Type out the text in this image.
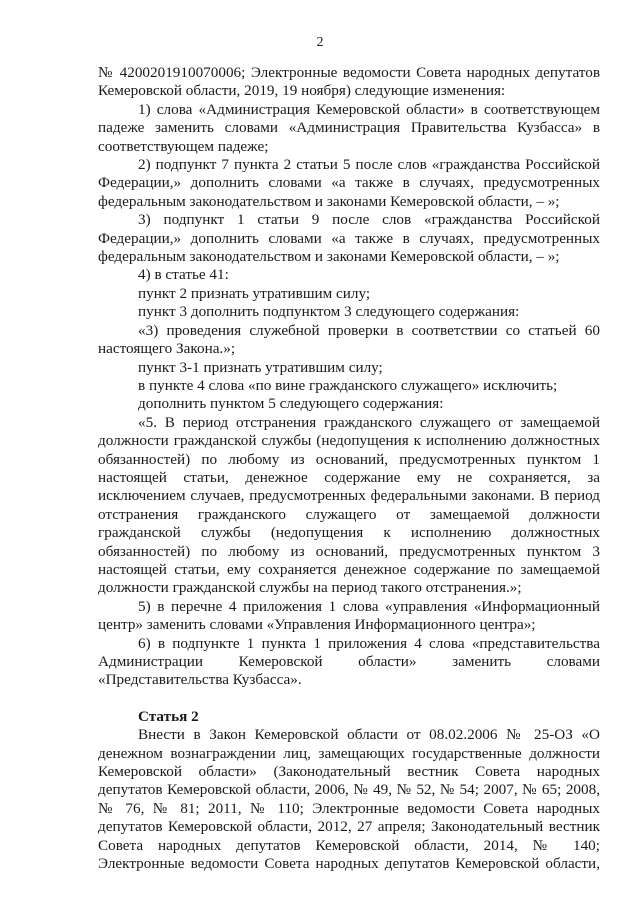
2

№ 4200201910070006; Электронные ведомости Совета народных депутатов Кемеровской области, 2019, 19 ноября) следующие изменения:

1) слова «Администрация Кемеровской области» в соответствующем падеже заменить словами «Администрация Правительства Кузбасса» в соответствующем падеже;

2) подпункт 7 пункта 2 статьи 5 после слов «гражданства Российской Федерации,» дополнить словами «а также в случаях, предусмотренных федеральным законодательством и законами Кемеровской области, – »;

3) подпункт 1 статьи 9 после слов «гражданства Российской Федерации,» дополнить словами «а также в случаях, предусмотренных федеральным законодательством и законами Кемеровской области, – »;

4) в статье 41:

пункт 2 признать утратившим силу;

пункт 3 дополнить подпунктом 3 следующего содержания:

«3) проведения служебной проверки в соответствии со статьей 60 настоящего Закона.»;

пункт 3-1 признать утратившим силу;

в пункте 4 слова «по вине гражданского служащего» исключить;

дополнить пунктом 5 следующего содержания:

«5. В период отстранения гражданского служащего от замещаемой должности гражданской службы (недопущения к исполнению должностных обязанностей) по любому из оснований, предусмотренных пунктом 1 настоящей статьи, денежное содержание ему не сохраняется, за исключением случаев, предусмотренных федеральными законами. В период отстранения гражданского служащего от замещаемой должности гражданской службы (недопущения к исполнению должностных обязанностей) по любому из оснований, предусмотренных пунктом 3 настоящей статьи, ему сохраняется денежное содержание по замещаемой должности гражданской службы на период такого отстранения.»;

5) в перечне 4 приложения 1 слова «управления «Информационный центр» заменить словами «Управления Информационного центра»;

6) в подпункте 1 пункта 1 приложения 4 слова «представительства Администрации Кемеровской области» заменить словами «Представительства Кузбасса».

Статья 2

Внести в Закон Кемеровской области от 08.02.2006 № 25-ОЗ «О денежном вознаграждении лиц, замещающих государственные должности Кемеровской области» (Законодательный вестник Совета народных депутатов Кемеровской области, 2006, № 49, № 52, № 54; 2007, № 65; 2008, № 76, № 81; 2011, № 110; Электронные ведомости Совета народных депутатов Кемеровской области, 2012, 27 апреля; Законодательный вестник Совета народных депутатов Кемеровской области, 2014, № 140; Электронные ведомости Совета народных депутатов Кемеровской области,
